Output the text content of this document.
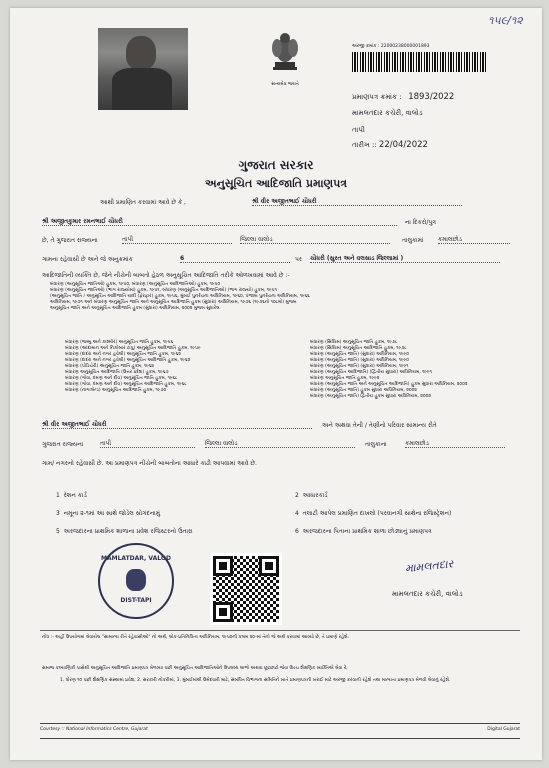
૧૫૯/૧૨
સત્યમેવ જયતે
અરજી ક્રમાંક : 22000238000001893
પ્રમાણપત્ર ક્રમાંક : 1893/2022
મામલતદાર કચેરી, વાલોડ
તાપી
તારીખ :: 22/04/2022
ગુજરાત સરકાર
અનુસૂચિત આદિજાતિ પ્રમાણપત્ર
આથી પ્રમાણિત કરવામાં આવે છે કે ,	શ્રી વીર અજીતભાઈ ચૌધરી
શ્રી અજીતકુમાર રમનભાઈ ચૌધરી	ના દિકરો/પુત્ર
છે, તે ગુજરાત રાજ્યના	તાપી	જિલ્લા વાલોડ	તાલુકામાં કમાલછોડ
ગામના રહેવાસી છે અને જે અનુક્રમાંક	6	પર ચૌધરી (સુરત અને વલસાડ જિલ્લામાં )
આદિજાતિની વ્યક્તિ છે, જેને નીચેની બાબતો હેઠળ અનુસૂચિત આદિજાતિ તરીકે ઓળખવામાં આવે છે :-
બંધારણ (અનુસૂચિત જાતિઓ) હુકમ, ૧૯૫૦, બંધારણ (અનુસૂચિત આદિજાતિઓ) હુકમ, ૧૯૫૦
બંધારણ (અનુસૂચિત જાતિઓ) (ભાગ રાજ્યોમાં) હુકમ, ૧૯૫૧, બંધારણ (અનુસૂચિત આદિજાતિઓ) (ભાગ રાજ્યો) હુકમ, ૧૯૫૧
(અનુસૂચિત જાતિ / અનુસૂચિત આદિજાતિ યાદી (ફેરફાર) હુકમ, ૧૯૫૬, મુંબઈ પુનર્રચના અધિનિયમ, ૧૯૬૦, પંજાબ પુનર્રચના અધિનિયમ, ૧૯૬૬
અધિનિયમ, ૧૯૭૧ અને બંધારણ અનુસૂચિત જાતિ અને અનુસૂચિત આદિજાતિ હુકમ (સુધારા) અધિનિયમ, ૧૯૭૬ (૧૯૭૬નો ૧૦૮મો) મુજબ
અનુસૂચિત જાતિ અને અનુસૂચિત આદિજાતિ હુકમ (સુધારા) અધિનિયમ, ૨૦૦૨ મુજબ સુધારેલ
બંધારણ (જમ્મુ અને કાશ્મીર) અનુસૂચિત જાતિ હુકમ, ૧૯૫૬
બંધારણ (આંદામાન અને નિકોબાર ટાપુ) અનુસૂચિત આદિજાતિ હુકમ, ૧૯૫૯
બંધારણ (દાદરા અને નગર હવેલી) અનુસૂચિત જાતિ હુકમ, ૧૯૬૨
બંધારણ (દાદરા અને નગર હવેલી) અનુસૂચિત આદિજાતિ હુકમ, ૧૯૬૨
બંધારણ (પોંડિચેરી) અનુસૂચિત જાતિ હુકમ, ૧૯૬૪
બંધારણ અનુસૂચિત આદિજાતિ (ઉત્તર પ્રદેશ) હુકમ, ૧૯૬૭
બંધારણ (ગોવા, દમણ અને દીવ) અનુસૂચિત જાતિ હુકમ, ૧૯૬૮
બંધારણ (ગોવા, દમણ અને દીવ) અનુસૂચિત આદિજાતિ હુકમ, ૧૯૬૮
બંધારણ (નાગાલેન્ડ) અનુસૂચિત આદિજાતિ હુકમ, ૧૯૭૦
બંધારણ (સિક્કિમ) અનુસૂચિત જાતિ હુકમ, ૧૯૭૮
બંધારણ (સિક્કિમ) અનુસૂચિત આદિજાતિ હુકમ, ૧૯૭૮
બંધારણ (અનુસૂચિત જાતિ) (સુધારા) અધિનિયમ, ૧૯૯૦
બંધારણ (અનુસૂચિત જાતિ) (સુધારા) અધિનિયમ, ૧૯૯૦
બંધારણ (અનુસૂચિત જાતિ) (સુધારા) અધિનિયમ, ૧૯૯૧
બંધારણ (અનુસૂચિત આદિજાતિ) (દ્વિતીય સુધારા) અધિનિયમ, ૧૯૯૧
બંધારણ અનુસૂચિત જાતિ હુકમ, ૧૯૯૨
બંધારણ (અનુસૂચિત જાતિ અને અનુસૂચિત આદિજાતિ) હુકમ સુધારા અધિનિયમ, ૨૦૦૨
બંધારણ (અનુસૂચિત જાતિ) હુકમ સુધારા અધિનિયમ, ૨૦૦૨
બંધારણ (અનુસૂચિત જાતિ) દ્વિતીય હુકમ સુધારા અધિનિયમ, ૨૦૦૨
શ્રી વીર અજીતભાઈ ચૌધરી	અને અથવા તેની / તેણીનો પરિવાર સામાન્ય રીતે
ગુજરાત રાજ્યના	તાપી	જિલ્લા વાલોડ	તાલુકાના	કમાલછોડ
ગામ/ નગરનો રહેવાસી છે. આ પ્રમાણપત્ર નીચેની બાબતોના આધારે કાઢી આપવામાં આવે છે.
1 રેશન કાર્ડ	2 આધારકાર્ડ
3 નમૂના ૨-૧માં આ સાથે જોડેલ સોગંદનામું	4 તલાટી આપેલ પ્રમાણિત દાખલો (પરવાનગી સાથેના રજિસ્ટ્રેશન)
5 અરજદારના પ્રાથમિક શાળાના પ્રવેશ રજિસ્ટરનો ઉતારા	6 અરજદારના પિતાના પ્રાથમિક શાળા છોડ્યાનું પ્રમાણપત્ર
MAMLATDAR, VALOD
DIST-TAPI
મામલતદાર
મામલતદાર કચેરી, વાલોડ
નોંધ :- અહીં ઉપયોગમાં લેવાયેલ "સામાન્ય રીતે રહેવાસીઓ" નો અર્થ, લોક-પ્રતિનિધિત્વ અધિનિયમ, ૧૯૫૦ની કલમ ૨૦-માં તેનો જે અર્થ કરવામાં આવ્યો છે, તે પ્રમાણે રહેશે.
સમાજ કલ્યાણિકી પાસેથી અનુસૂચિત આદિજાતિ પ્રમાણપત્ર મેળવ્યા પછી અનુસૂચિત આદિજાતિઓને ઉપલબ્ધ લાભો અથવા છૂટછાટો જેવા ઉચ્ચ શૈક્ષણિક વ્યક્તિએ લેવા રે,
1. ધોરણ ૧૦ પછી શૈક્ષણિક સંસ્થામાં પ્રવેશ, 2. સરકારી નોકરીમાં, 3. મુંબઈમાંથી ઉમેદવારી માટે, સંબંધિત વિભાગના સમિતિને ખાતે પ્રમાણપત્રની ખરાઈ માટે અરજી કરવાની રહેશે તથા માન્યતા પ્રમાણપત્ર મેળવી લેવાનું રહેશે.
Courtesy :: National Informatics Centre, Gujarat	Digital Gujarat
